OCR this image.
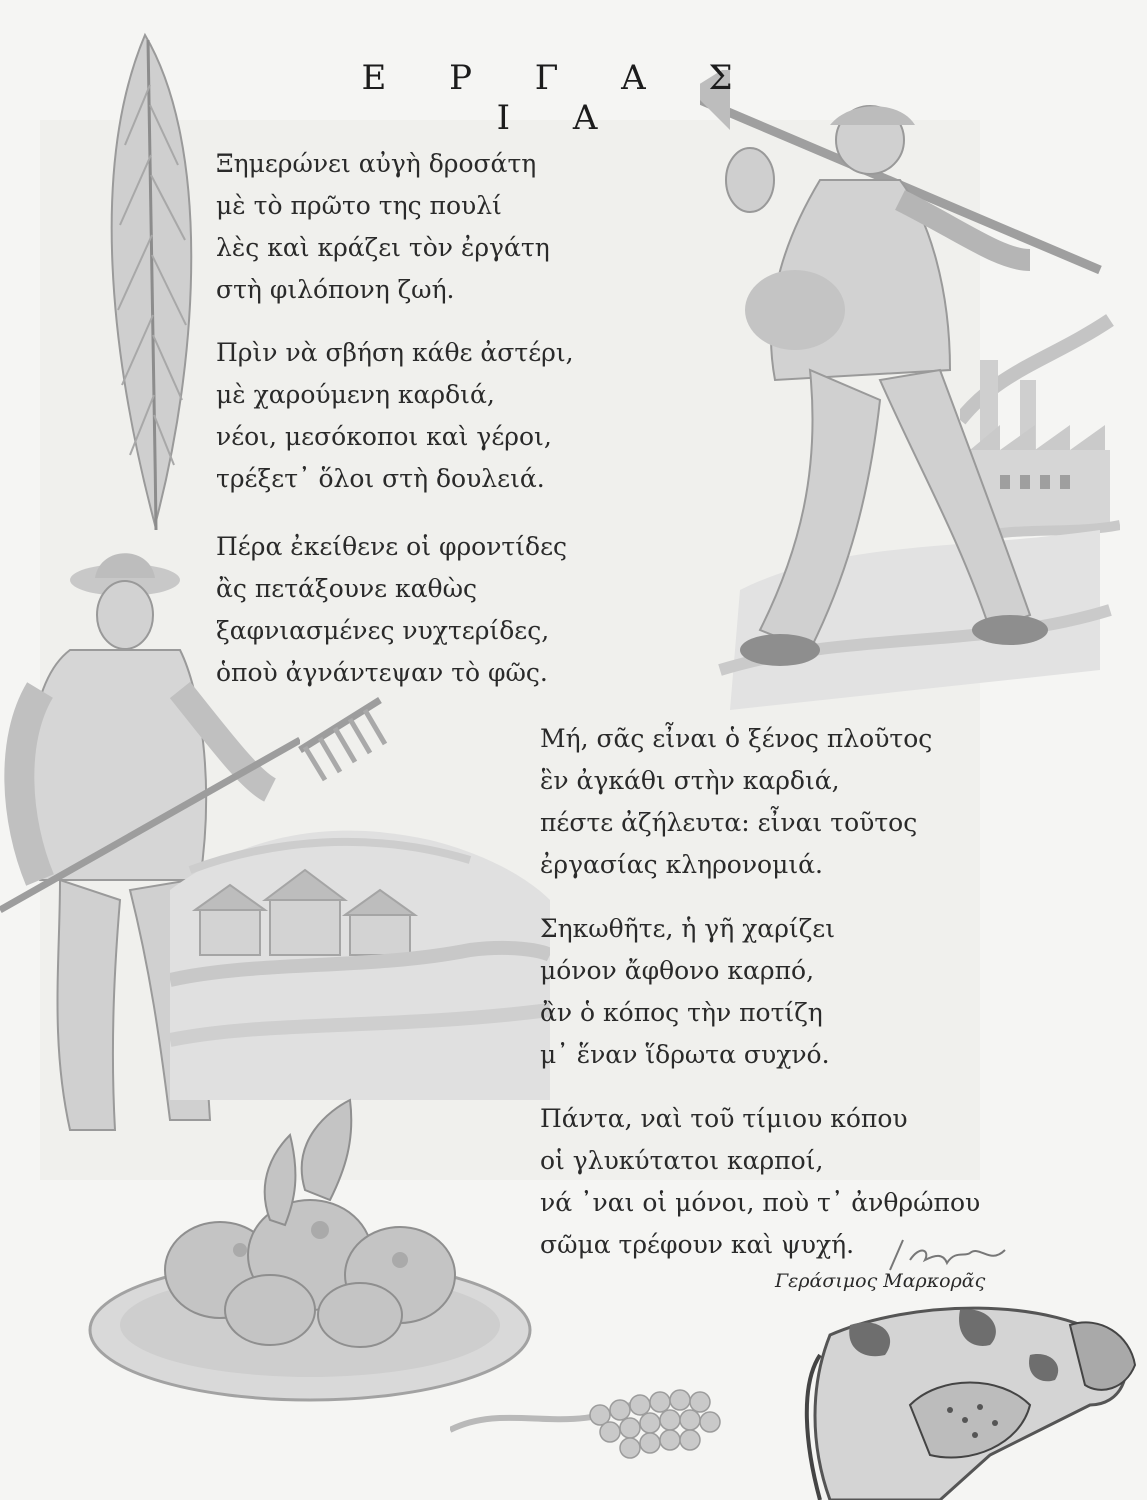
Ε Ρ Γ Α Σ Ι Α
Ξημερώνει αὐγὴ δροσάτη
μὲ τὸ πρῶτο της πουλί
λὲς καὶ κράζει τὸν ἐργάτη
στὴ φιλόπονη ζωή.
Πρὶν νὰ σβήση κάθε ἀστέρι,
μὲ χαρούμενη καρδιά,
νέοι, μεσόκοποι καὶ γέροι,
τρέξετ᾿ ὅλοι στὴ δουλειά.
Πέρα ἐκείθενε οἱ φροντίδες
ἂς πετάξουνε καθὼς
ξαφνιασμένες νυχτερίδες,
ὁποὺ ἀγνάντεψαν τὸ φῶς.
Μή, σᾶς εἶναι ὁ ξένος πλοῦτος
ἓν ἀγκάθι στὴν καρδιά,
πέστε ἀζήλευτα: εἶναι τοῦτος
ἐργασίας κληρονομιά.
Σηκωθῆτε, ἡ γῆ χαρίζει
μόνον ἄφθονο καρπό,
ἂν ὁ κόπος τὴν ποτίζη
μ᾿ ἕναν ἵδρωτα συχνό.
Πάντα, ναὶ τοῦ τίμιου κόπου
οἱ γλυκύτατοι καρποί,
νά ᾿ναι οἱ μόνοι, ποὺ τ᾿ ἀνθρώπου
σῶμα τρέφουν καὶ ψυχή.
Γεράσιμος Μαρκορᾶς
